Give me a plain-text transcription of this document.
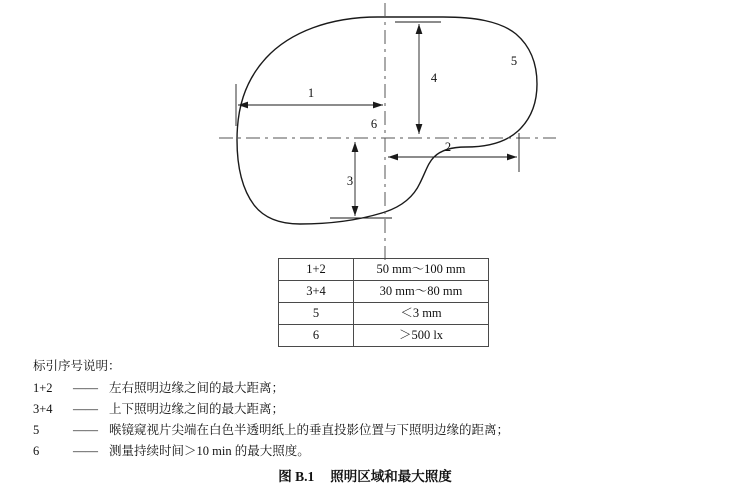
1
2
3
4
5
6
1+2	50 mm～100 mm
3+4	30 mm～80 mm
5	＜3 mm
6	＞500 lx
标引序号说明：
1+2 —— 左右照明边缘之间的最大距离；
3+4 —— 上下照明边缘之间的最大距离；
5	—— 喉镜窥视片尖端在白色半透明纸上的垂直投影位置与下照明边缘的距离；
6	—— 测量持续时间＞10 min 的最大照度。
图 B.1 照明区域和最大照度
